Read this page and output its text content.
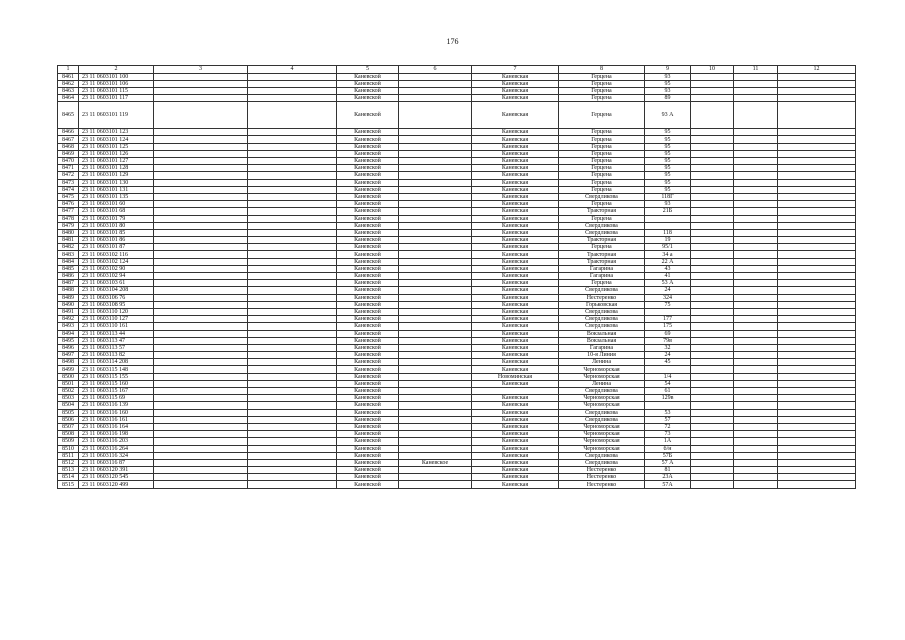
176
1	2	3	4	5	6	7	8	9	10	11	12
8461	23 11 0603101 100			Каневской		Каневская	Герцена	93			
8462	23 11 0603101 106			Каневской		Каневская	Герцена	95			
8463	23 11 0603101 115			Каневской		Каневская	Герцена	93			
8464	23 11 0603101 117			Каневской		Каневская	Герцена	89			
8465	23 11 0603101 119			Каневской		Каневская	Герцена	93 А			
8466	23 11 0603101 123			Каневской		Каневская	Герцена	95			
8467	23 11 0603101 124			Каневской		Каневская	Герцена	95			
8468	23 11 0603101 125			Каневской		Каневская	Герцена	95			
8469	23 11 0603101 126			Каневской		Каневская	Герцена	95			
8470	23 11 0603101 127			Каневской		Каневская	Герцена	95			
8471	23 11 0603101 128			Каневской		Каневская	Герцена	95			
8472	23 11 0603101 129			Каневской		Каневская	Герцена	95			
8473	23 11 0603101 130			Каневской		Каневская	Герцена	95			
8474	23 11 0603101 131			Каневской		Каневская	Герцена	95			
8475	23 11 0603101 135			Каневской		Каневская	Свердликова	118Г			
8476	23 11 0603101 60			Каневской		Каневская	Герцена	93			
8477	23 11 0603101 68			Каневской		Каневская	Тракторная	21Б			
8478	23 11 0603101 79			Каневской		Каневская	Герцена				
8479	23 11 0603101 80			Каневской		Каневская	Свердликова				
8480	23 11 0603101 85			Каневской		Каневская	Свердликова	118			
8481	23 11 0603101 86			Каневской		Каневская	Тракторная	19			
8482	23 11 0603101 87			Каневской		Каневская	Герцена	95/1			
8483	23 11 0603102 116			Каневской		Каневская	Тракторная	34 а			
8484	23 11 0603102 124			Каневской		Каневская	Тракторная	22 А			
8485	23 11 0603102 90			Каневской		Каневская	Гагарина	43			
8486	23 11 0603102 94			Каневской		Каневская	Гагарина	41			
8487	23 11 0603103 61			Каневской		Каневская	Герцена	53 А			
8488	23 11 0603104 208			Каневской		Каневская	Свердликова	24			
8489	23 11 0603106 76			Каневской		Каневская	Нестеренко	324			
8490	23 11 0603108 95			Каневской		Каневская	Горьковская	75			
8491	23 11 0603110 120			Каневской		Каневская	Свердликова				
8492	23 11 0603110 127			Каневской		Каневская	Свердликова	177			
8493	23 11 0603110 161			Каневской		Каневская	Свердликова	175			
8494	23 11 0603113 44			Каневской		Каневская	Вокзальная	69			
8495	23 11 0603113 47			Каневской		Каневская	Вокзальная	79в			
8496	23 11 0603113 57			Каневской		Каневская	Гагарина	32			
8497	23 11 0603113 82			Каневской		Каневская	10-я Линия	24			
8498	23 11 0603114 208			Каневской		Каневская	Ленина	45			
8499	23 11 0603115 148			Каневской		Каневская	Черноморская				
8500	23 11 0603115 155			Каневской		Новоминская	Черноморская	1/4			
8501	23 11 0603115 160			Каневской		Каневская	Ленина	54			
8502	23 11 0603115 167			Каневской			Свердликова	61			
8503	23 11 0603115 69			Каневской		Каневская	Черноморская	129в			
8504	23 11 0603116 139			Каневской		Каневская	Черноморская				
8505	23 11 0603116 160			Каневской		Каневская	Свердликова	53			
8506	23 11 0603116 161			Каневской		Каневская	Свердликова	57			
8507	23 11 0603116 164			Каневской		Каневская	Черноморская	72			
8508	23 11 0603116 198			Каневской		Каневская	Черноморская	73			
8509	23 11 0603116 203			Каневской		Каневская	Черноморская	1А			
8510	23 11 0603116 264			Каневской		Каневская	Черноморская	б/н			
8511	23 11 0603116 324			Каневской		Каневская	Свердликова	57Б			
8512	23 11 0603116 87			Каневской	Каневское	Каневская	Свердликова	57 А			
8513	23 11 0603120 391			Каневской		Каневская	Нестеренко	81			
8514	23 11 0603120 545			Каневской		Каневская	Нестеренко	23А			
8515	23 11 0603120 499			Каневской		Каневская	Нестеренко	57А			
